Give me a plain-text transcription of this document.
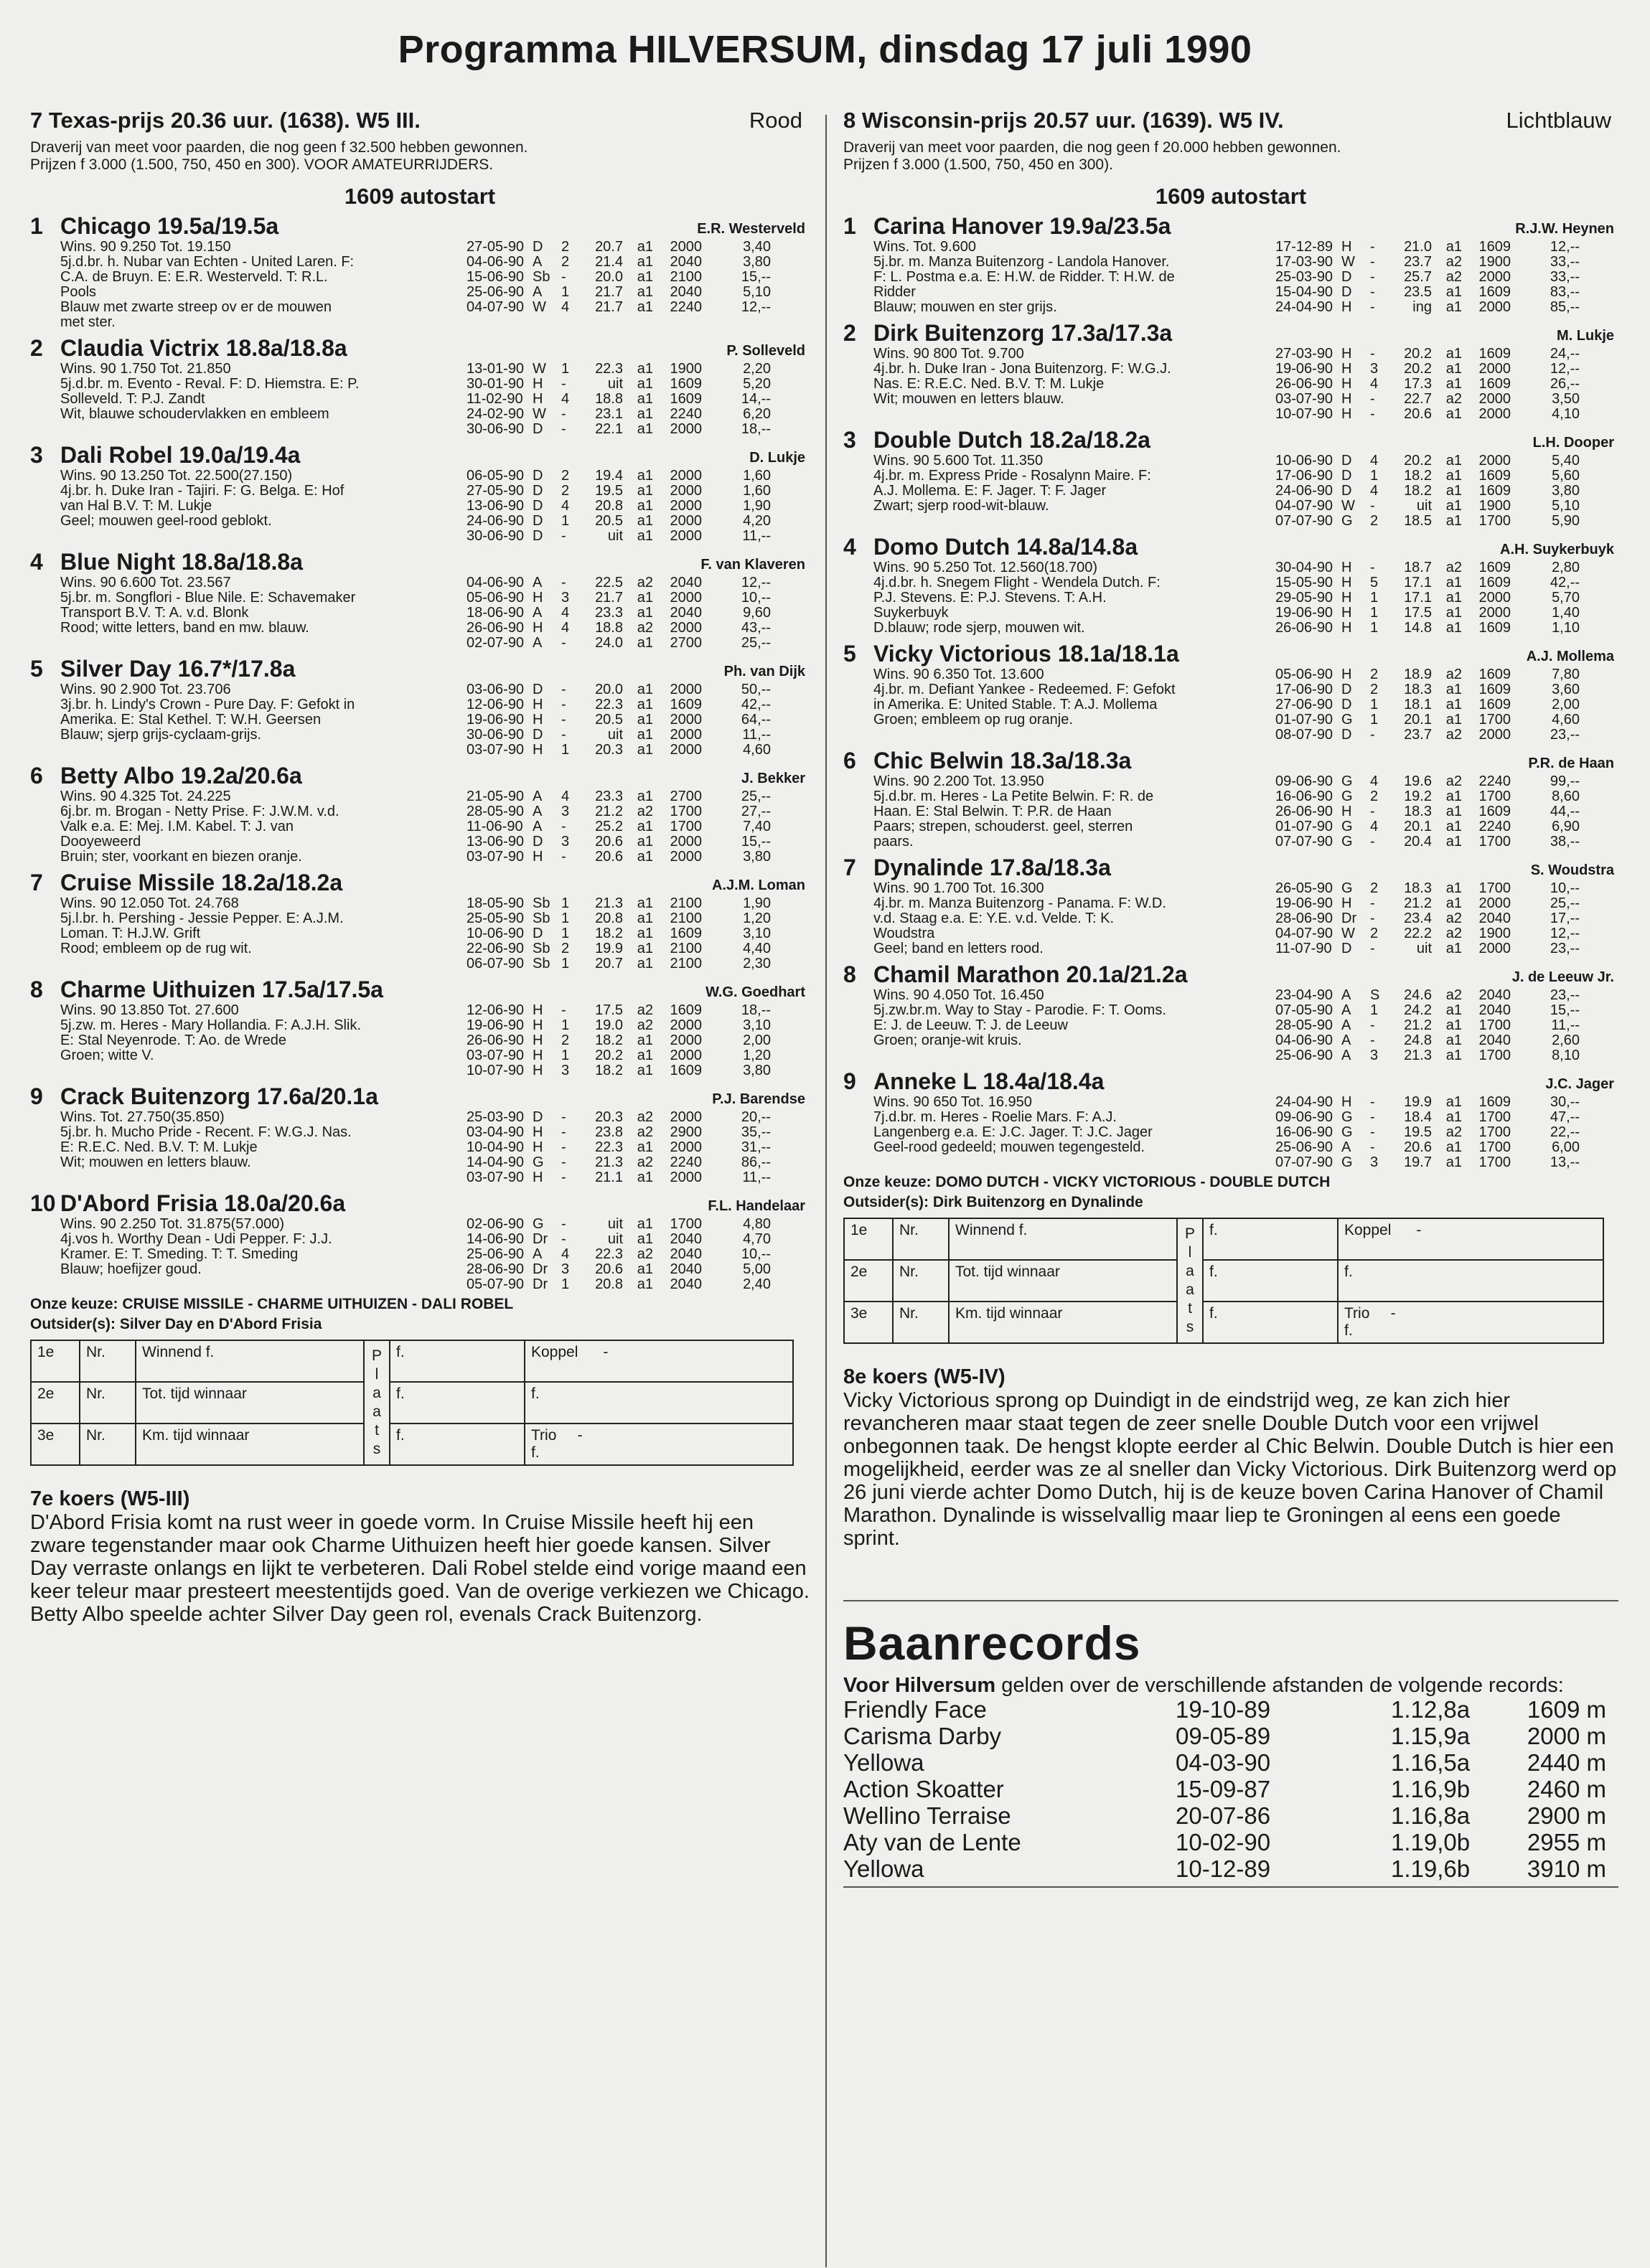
Programma HILVERSUM, dinsdag 17 juli 1990
7 Texas-prijs 20.36 uur. (1638). W5 III.	Rood
Draverij van meet voor paarden, die nog geen f 32.500 hebben gewonnen.
Prijzen f 3.000 (1.500, 750, 450 en 300). VOOR AMATEURRIJDERS.
1609 autostart
1 Chicago 19.5a/19.5a	E.R. Westerveld
Wins. 90 9.250 Tot. 19.150
5j.d.br. h. Nubar van Echten - United Laren. F:
C.A. de Bruyn. E: E.R. Westerveld. T: R.L.
Pools
Blauw met zwarte streep ov er de mouwen
met ster.
27-05-90 D	2	20.7 a1	2000	3,40
04-06-90 A	2	21.4 a1	2040	3,80
15-06-90 Sb -	20.0 a1	2100	15,--
25-06-90 A	1	21.7 a1	2040	5,10
04-07-90 W	4	21.7 a1	2240	12,--
2 Claudia Victrix 18.8a/18.8a	P. Solleveld
Wins. 90 1.750 Tot. 21.850
5j.d.br. m. Evento - Reval. F: D. Hiemstra. E: P.
Solleveld. T: P.J. Zandt
Wit, blauwe schoudervlakken en embleem
13-01-90 W	1	22.3 a1	1900	2,20
30-01-90 H	-	uit a1	1609	5,20
11-02-90 H	4	18.8 a1	1609	14,--
24-02-90 W	-	23.1 a1	2240	6,20
30-06-90 D	-	22.1 a1	2000	18,--
3 Dali Robel 19.0a/19.4a	D. Lukje
Wins. 90 13.250 Tot. 22.500(27.150)
4j.br. h. Duke Iran - Tajiri. F: G. Belga. E: Hof
van Hal B.V. T: M. Lukje
Geel; mouwen geel-rood geblokt.
06-05-90 D	2	19.4 a1	2000	1,60
27-05-90 D	2	19.5 a1	2000	1,60
13-06-90 D	4	20.8 a1	2000	1,90
24-06-90 D	1	20.5 a1	2000	4,20
30-06-90 D	-	uit a1	2000	11,--
4 Blue Night 18.8a/18.8a	F. van Klaveren
Wins. 90 6.600 Tot. 23.567
5j.br. m. Songflori - Blue Nile. E: Schavemaker
Transport B.V. T: A. v.d. Blonk
Rood; witte letters, band en mw. blauw.
04-06-90 A	-	22.5 a2	2040	12,--
05-06-90 H	3	21.7 a1	2000	10,--
18-06-90 A	4	23.3 a1	2040	9,60
26-06-90 H	4	18.8 a2	2000	43,--
02-07-90 A	-	24.0 a1	2700	25,--
5 Silver Day 16.7*/17.8a	Ph. van Dijk
Wins. 90 2.900 Tot. 23.706
3j.br. h. Lindy's Crown - Pure Day. F: Gefokt in
Amerika. E: Stal Kethel. T: W.H. Geersen
Blauw; sjerp grijs-cyclaam-grijs.
03-06-90 D	-	20.0 a1	2000	50,--
12-06-90 H	-	22.3 a1	1609	42,--
19-06-90 H	-	20.5 a1	2000	64,--
30-06-90 D	-	uit a1	2000	11,--
03-07-90 H	1	20.3 a1	2000	4,60
6 Betty Albo 19.2a/20.6a	J. Bekker
Wins. 90 4.325 Tot. 24.225
6j.br. m. Brogan - Netty Prise. F: J.W.M. v.d.
Valk e.a. E: Mej. I.M. Kabel. T: J. van
Dooyeweerd
Bruin; ster, voorkant en biezen oranje.
21-05-90 A	4	23.3 a1	2700	25,--
28-05-90 A	3	21.2 a2	1700	27,--
11-06-90 A	-	25.2 a1	1700	7,40
13-06-90 D	3	20.6 a1	2000	15,--
03-07-90 H	-	20.6 a1	2000	3,80
7 Cruise Missile 18.2a/18.2a	A.J.M. Loman
Wins. 90 12.050 Tot. 24.768
5j.l.br. h. Pershing - Jessie Pepper. E: A.J.M.
Loman. T: H.J.W. Grift
Rood; embleem op de rug wit.
18-05-90 Sb 1	21.3 a1	2100	1,90
25-05-90 Sb 1	20.8 a1	2100	1,20
10-06-90 D	1	18.2 a1	1609	3,10
22-06-90 Sb 2	19.9 a1	2100	4,40
06-07-90 Sb 1	20.7 a1	2100	2,30
8 Charme Uithuizen 17.5a/17.5a	W.G. Goedhart
Wins. 90 13.850 Tot. 27.600
5j.zw. m. Heres - Mary Hollandia. F: A.J.H. Slik.
E: Stal Neyenrode. T: Ao. de Wrede
Groen; witte V.
12-06-90 H	-	17.5 a2	1609	18,--
19-06-90 H	1	19.0 a2	2000	3,10
26-06-90 H	2	18.2 a1	2000	2,00
03-07-90 H	1	20.2 a1	2000	1,20
10-07-90 H	3	18.2 a1	1609	3,80
9 Crack Buitenzorg 17.6a/20.1a	P.J. Barendse
Wins. Tot. 27.750(35.850)
5j.br. h. Mucho Pride - Recent. F: W.G.J. Nas.
E: R.E.C. Ned. B.V. T: M. Lukje
Wit; mouwen en letters blauw.
25-03-90 D	-	20.3 a2	2000	20,--
03-04-90 H	-	23.8 a2	2900	35,--
10-04-90 H	-	22.3 a1	2000	31,--
14-04-90 G	-	21.3 a2	2240	86,--
03-07-90 H	-	21.1 a1	2000	11,--
10 D'Abord Frisia 18.0a/20.6a	F.L. Handelaar
Wins. 90 2.250 Tot. 31.875(57.000)
4j.vos h. Worthy Dean - Udi Pepper. F: J.J.
Kramer. E: T. Smeding. T: T. Smeding
Blauw; hoefijzer goud.
02-06-90 G	-	uit a1	1700	4,80
14-06-90 Dr -	uit a1	2040	4,70
25-06-90 A	4	22.3 a2	2040	10,--
28-06-90 Dr 3	20.6 a1	2040	5,00
05-07-90 Dr 1	20.8 a1	2040	2,40
Onze keuze: CRUISE MISSILE - CHARME UITHUIZEN - DALI ROBEL
Outsider(s): Silver Day en D'Abord Frisia
1e	Nr.	Winnend f.	P l a a t s	f.	Koppel -
2e	Nr.	Tot. tijd winnaar		f.	f.
3e	Nr.	Km. tijd winnaar		f.	Trio -
f.
7e koers (W5-III)
D'Abord Frisia komt na rust weer in goede vorm. In Cruise Missile heeft hij een zware tegenstander maar ook Charme Uithuizen heeft hier goede kansen. Silver Day verraste onlangs en lijkt te verbeteren. Dali Robel stelde eind vorige maand een keer teleur maar presteert meestentijds goed. Van de overige verkiezen we Chicago. Betty Albo speelde achter Silver Day geen rol, evenals Crack Buitenzorg.
8 Wisconsin-prijs 20.57 uur. (1639). W5 IV.	Lichtblauw
Draverij van meet voor paarden, die nog geen f 20.000 hebben gewonnen.
Prijzen f 3.000 (1.500, 750, 450 en 300).
1609 autostart
1 Carina Hanover 19.9a/23.5a	R.J.W. Heynen
Wins. Tot. 9.600
5j.br. m. Manza Buitenzorg - Landola Hanover.
F: L. Postma e.a. E: H.W. de Ridder. T: H.W. de
Ridder
Blauw; mouwen en ster grijs.
17-12-89 H	-	21.0 a1	1609	12,--
17-03-90 W	-	23.7 a2	1900	33,--
25-03-90 D	-	25.7 a2	2000	33,--
15-04-90 D	-	23.5 a1	1609	83,--
24-04-90 H	-	ing a1	2000	85,--
2 Dirk Buitenzorg 17.3a/17.3a	M. Lukje
Wins. 90 800 Tot. 9.700
4j.br. h. Duke Iran - Jona Buitenzorg. F: W.G.J.
Nas. E: R.E.C. Ned. B.V. T: M. Lukje
Wit; mouwen en letters blauw.
27-03-90 H	-	20.2 a1	1609	24,--
19-06-90 H	3	20.2 a1	2000	12,--
26-06-90 H	4	17.3 a1	1609	26,--
03-07-90 H	-	22.7 a2	2000	3,50
10-07-90 H	-	20.6 a1	2000	4,10
3 Double Dutch 18.2a/18.2a	L.H. Dooper
Wins. 90 5.600 Tot. 11.350
4j.br. m. Express Pride - Rosalynn Maire. F:
A.J. Mollema. E: F. Jager. T: F. Jager
Zwart; sjerp rood-wit-blauw.
10-06-90 D	4	20.2 a1	2000	5,40
17-06-90 D	1	18.2 a1	1609	5,60
24-06-90 D	4	18.2 a1	1609	3,80
04-07-90 W	-	uit a1	1900	5,10
07-07-90 G	2	18.5 a1	1700	5,90
4 Domo Dutch 14.8a/14.8a	A.H. Suykerbuyk
Wins. 90 5.250 Tot. 12.560(18.700)
4j.d.br. h. Snegem Flight - Wendela Dutch. F:
P.J. Stevens. E: P.J. Stevens. T: A.H.
Suykerbuyk
D.blauw; rode sjerp, mouwen wit.
30-04-90 H	-	18.7 a2	1609	2,80
15-05-90 H	5	17.1 a1	1609	42,--
29-05-90 H	1	17.1 a1	2000	5,70
19-06-90 H	1	17.5 a1	2000	1,40
26-06-90 H	1	14.8 a1	1609	1,10
5 Vicky Victorious 18.1a/18.1a	A.J. Mollema
Wins. 90 6.350 Tot. 13.600
4j.br. m. Defiant Yankee - Redeemed. F: Gefokt
in Amerika. E: United Stable. T: A.J. Mollema
Groen; embleem op rug oranje.
05-06-90 H	2	18.9 a2	1609	7,80
17-06-90 D	2	18.3 a1	1609	3,60
27-06-90 D	1	18.1 a1	1609	2,00
01-07-90 G	1	20.1 a1	1700	4,60
08-07-90 D	-	23.7 a2	2000	23,--
6 Chic Belwin 18.3a/18.3a	P.R. de Haan
Wins. 90 2.200 Tot. 13.950
5j.d.br. m. Heres - La Petite Belwin. F: R. de
Haan. E: Stal Belwin. T: P.R. de Haan
Paars; strepen, schouderst. geel, sterren
paars.
09-06-90 G	4	19.6 a2	2240	99,--
16-06-90 G	2	19.2 a1	1700	8,60
26-06-90 H	-	18.3 a1	1609	44,--
01-07-90 G	4	20.1 a1	2240	6,90
07-07-90 G	-	20.4 a1	1700	38,--
7 Dynalinde 17.8a/18.3a	S. Woudstra
Wins. 90 1.700 Tot. 16.300
4j.br. m. Manza Buitenzorg - Panama. F: W.D.
v.d. Staag e.a. E: Y.E. v.d. Velde. T: K.
Woudstra
Geel; band en letters rood.
26-05-90 G	2	18.3 a1	1700	10,--
19-06-90 H	-	21.2 a1	2000	25,--
28-06-90 Dr -	23.4 a2	2040	17,--
04-07-90 W	2	22.2 a2	1900	12,--
11-07-90 D	-	uit a1	2000	23,--
8 Chamil Marathon 20.1a/21.2a	J. de Leeuw Jr.
Wins. 90 4.050 Tot. 16.450
5j.zw.br.m. Way to Stay - Parodie. F: T. Ooms.
E: J. de Leeuw. T: J. de Leeuw
Groen; oranje-wit kruis.
23-04-90 A	S	24.6 a2	2040	23,--
07-05-90 A	1	24.2 a1	2040	15,--
28-05-90 A	-	21.2 a1	1700	11,--
04-06-90 A	-	24.8 a1	2040	2,60
25-06-90 A	3	21.3 a1	1700	8,10
9 Anneke L 18.4a/18.4a	J.C. Jager
Wins. 90 650 Tot. 16.950
7j.d.br. m. Heres - Roelie Mars. F: A.J.
Langenberg e.a. E: J.C. Jager. T: J.C. Jager
Geel-rood gedeeld; mouwen tegengesteld.
24-04-90 H	-	19.9 a1	1609	30,--
09-06-90 G	-	18.4 a1	1700	47,--
16-06-90 G	-	19.5 a2	1700	22,--
25-06-90 A	-	20.6 a1	1700	6,00
07-07-90 G	3	19.7 a1	1700	13,--
Onze keuze: DOMO DUTCH - VICKY VICTORIOUS - DOUBLE DUTCH
Outsider(s): Dirk Buitenzorg en Dynalinde
1e	Nr.	Winnend f.	P l a a t s	f.	Koppel -
2e	Nr.	Tot. tijd winnaar		f.	f.
3e	Nr.	Km. tijd winnaar		f.	Trio -
f.
8e koers (W5-IV)
Vicky Victorious sprong op Duindigt in de eindstrijd weg, ze kan zich hier revancheren maar staat tegen de zeer snelle Double Dutch voor een vrijwel onbegonnen taak. De hengst klopte eerder al Chic Belwin. Double Dutch is hier een mogelijkheid, eerder was ze al sneller dan Vicky Victorious. Dirk Buitenzorg werd op 26 juni vierde achter Domo Dutch, hij is de keuze boven Carina Hanover of Chamil Marathon. Dynalinde is wisselvallig maar liep te Groningen al eens een goede sprint.
Baanrecords
Voor Hilversum gelden over de verschillende afstanden de volgende records:
Friendly Face	19-10-89	1.12,8a	1609 m
Carisma Darby	09-05-89	1.15,9a	2000 m
Yellowa	04-03-90	1.16,5a	2440 m
Action Skoatter	15-09-87	1.16,9b	2460 m
Wellino Terraise	20-07-86	1.16,8a	2900 m
Aty van de Lente	10-02-90	1.19,0b	2955 m
Yellowa	10-12-89	1.19,6b	3910 m
